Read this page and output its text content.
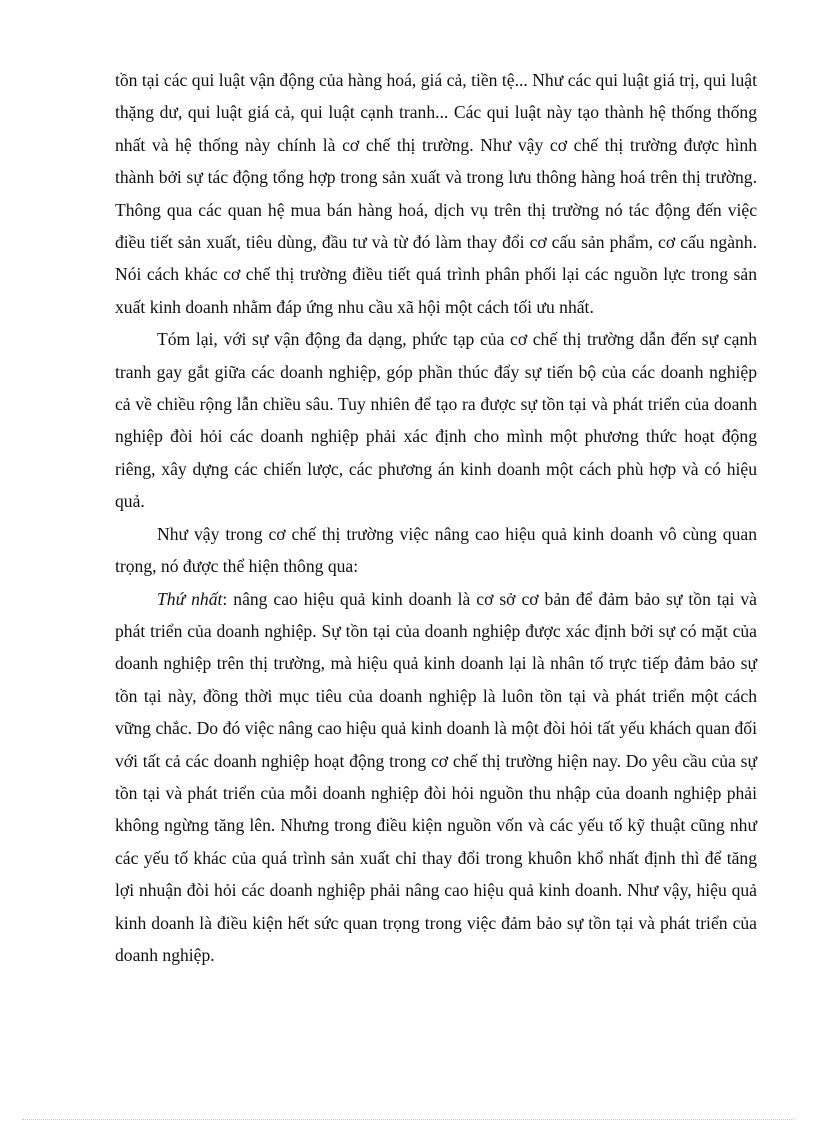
tồn tại các qui luật vận động của hàng hoá, giá cả, tiền tệ... Như các qui luật giá trị, qui luật thặng dư, qui luật giá cả, qui luật cạnh tranh... Các qui luật này tạo thành hệ thống thống nhất và hệ thống này chính là cơ chế thị trường. Như vậy cơ chế thị trường được hình thành bởi sự tác động tổng hợp trong sản xuất và trong lưu thông hàng hoá trên thị trường. Thông qua các quan hệ mua bán hàng hoá, dịch vụ trên thị trường nó tác động đến việc điều tiết sản xuất, tiêu dùng, đầu tư và từ đó làm thay đổi cơ cấu sản phẩm, cơ cấu ngành. Nói cách khác cơ chế thị trường điều tiết quá trình phân phối lại các nguồn lực trong sản xuất kinh doanh nhằm đáp ứng nhu cầu xã hội một cách tối ưu nhất.

Tóm lại, với sự vận động đa dạng, phức tạp của cơ chế thị trường dẫn đến sự cạnh tranh gay gắt giữa các doanh nghiệp, góp phần thúc đẩy sự tiến bộ của các doanh nghiệp cả về chiều rộng lẫn chiều sâu. Tuy nhiên để tạo ra được sự tồn tại và phát triển của doanh nghiệp đòi hỏi các doanh nghiệp phải xác định cho mình một phương thức hoạt động riêng, xây dựng các chiến lược, các phương án kinh doanh một cách phù hợp và có hiệu quả.

Như vậy trong cơ chế thị trường việc nâng cao hiệu quả kinh doanh vô cùng quan trọng, nó được thể hiện thông qua:

Thứ nhất: nâng cao hiệu quả kinh doanh là cơ sở cơ bản để đảm bảo sự tồn tại và phát triển của doanh nghiệp. Sự tồn tại của doanh nghiệp được xác định bởi sự có mặt của doanh nghiệp trên thị trường, mà hiệu quả kinh doanh lại là nhân tố trực tiếp đảm bảo sự tồn tại này, đồng thời mục tiêu của doanh nghiệp là luôn tồn tại và phát triển một cách vững chắc. Do đó việc nâng cao hiệu quả kinh doanh là một đòi hỏi tất yếu khách quan đối với tất cả các doanh nghiệp hoạt động trong cơ chế thị trường hiện nay. Do yêu cầu của sự tồn tại và phát triển của mỗi doanh nghiệp đòi hỏi nguồn thu nhập của doanh nghiệp phải không ngừng tăng lên. Nhưng trong điều kiện nguồn vốn và các yếu tố kỹ thuật cũng như các yếu tố khác của quá trình sản xuất chỉ thay đổi trong khuôn khổ nhất định thì để tăng lợi nhuận đòi hỏi các doanh nghiệp phải nâng cao hiệu quả kinh doanh. Như vậy, hiệu quả kinh doanh là điều kiện hết sức quan trọng trong việc đảm bảo sự tồn tại và phát triển của doanh nghiệp.
